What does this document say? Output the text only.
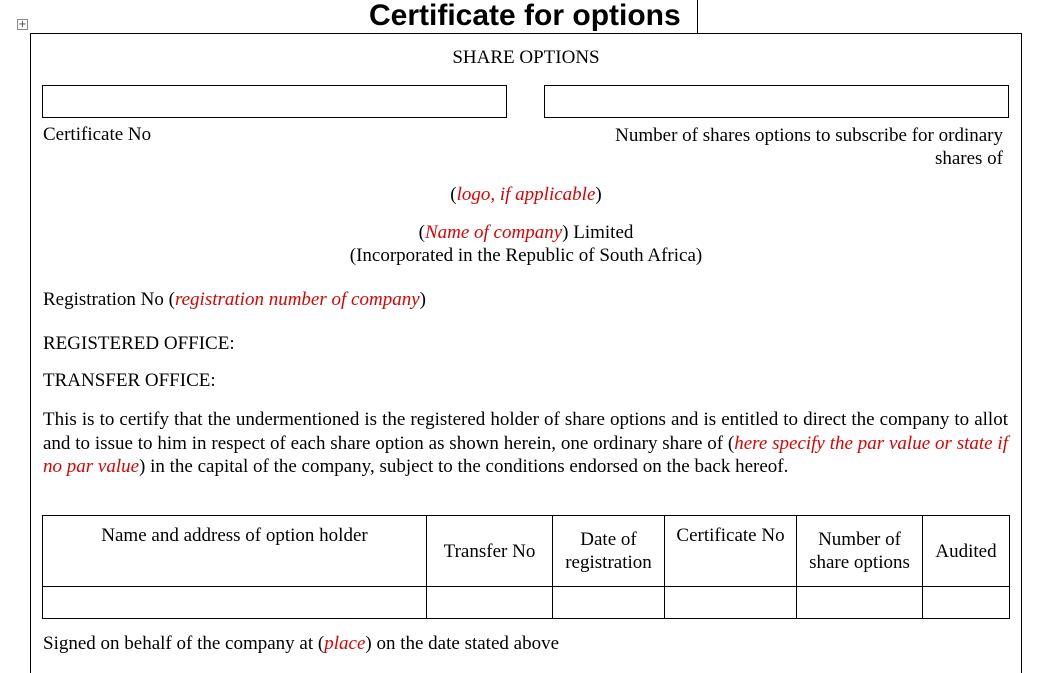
+	Certificate for options
SHARE OPTIONS
Certificate No	Number of shares options to subscribe for ordinary
shares of
(logo, if applicable)
(Name of company) Limited
(Incorporated in the Republic of South Africa)
Registration No (registration number of company)
REGISTERED OFFICE:
TRANSFER OFFICE:
This is to certify that the undermentioned is the registered holder of share options and is entitled to direct the company to allot and to issue to him in respect of each share option as shown herein, one ordinary share of (here specify the par value or state if no par value) in the capital of the company, subject to the conditions endorsed on the back hereof.
Name and address of option holder	Transfer No	Date of registration	Certificate No	Number of share options	Audited

Signed on behalf of the company at (place) on the date stated above
